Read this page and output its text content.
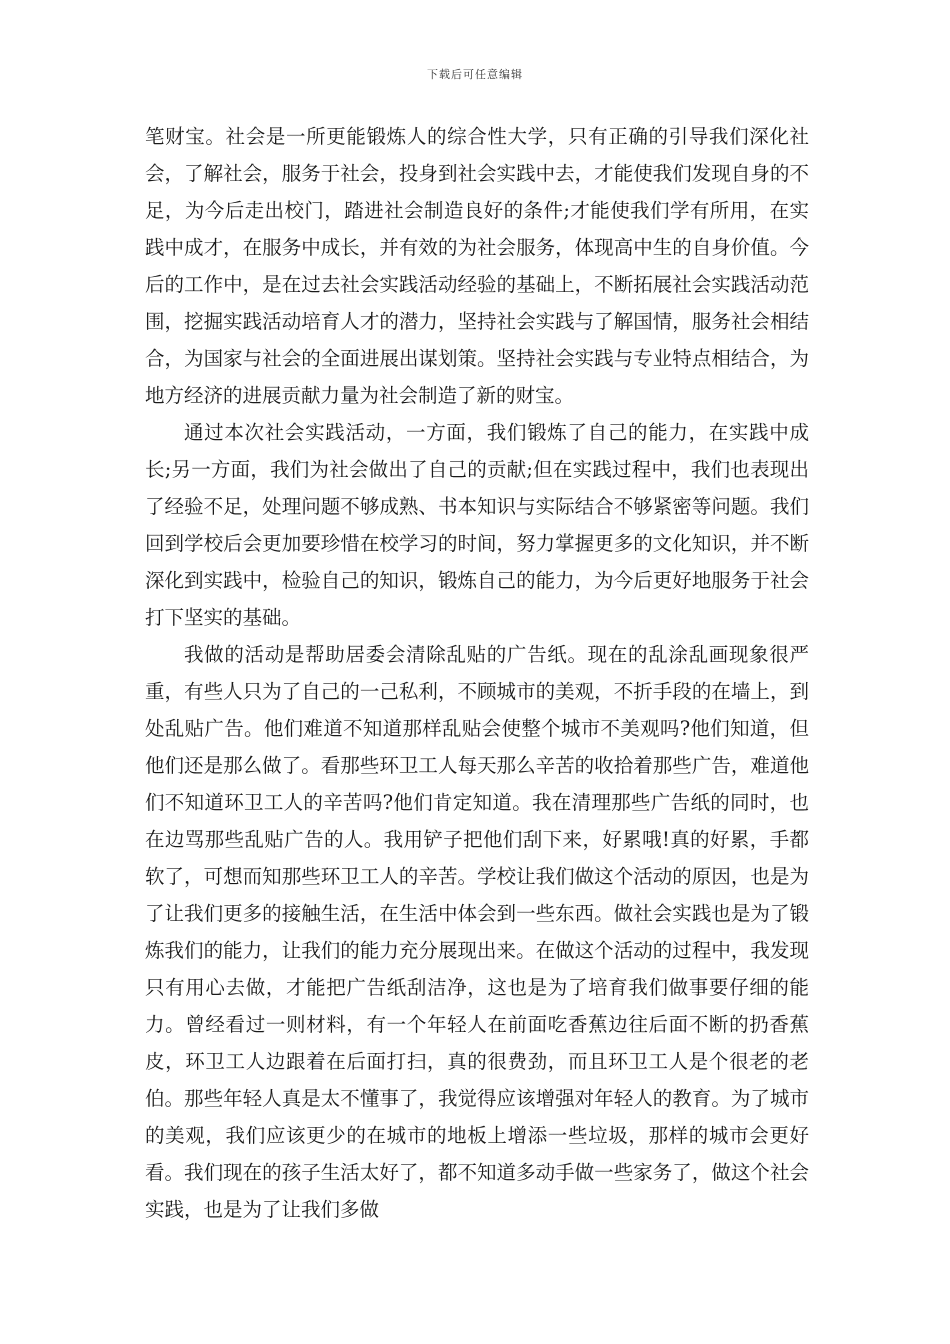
下载后可任意编辑

笔财宝。社会是一所更能锻炼人的综合性大学，只有正确的引导我们深化社会，了解社会，服务于社会，投身到社会实践中去，才能使我们发现自身的不足，为今后走出校门，踏进社会制造良好的条件;才能使我们学有所用，在实践中成才，在服务中成长，并有效的为社会服务，体现高中生的自身价值。今后的工作中，是在过去社会实践活动经验的基础上，不断拓展社会实践活动范围，挖掘实践活动培育人才的潜力，坚持社会实践与了解国情，服务社会相结合，为国家与社会的全面进展出谋划策。坚持社会实践与专业特点相结合，为地方经济的进展贡献力量为社会制造了新的财宝。

通过本次社会实践活动，一方面，我们锻炼了自己的能力，在实践中成长;另一方面，我们为社会做出了自己的贡献;但在实践过程中，我们也表现出了经验不足，处理问题不够成熟、书本知识与实际结合不够紧密等问题。我们回到学校后会更加要珍惜在校学习的时间，努力掌握更多的文化知识，并不断深化到实践中，检验自己的知识，锻炼自己的能力，为今后更好地服务于社会打下坚实的基础。

我做的活动是帮助居委会清除乱贴的广告纸。现在的乱涂乱画现象很严重，有些人只为了自己的一己私利，不顾城市的美观，不折手段的在墙上，到处乱贴广告。他们难道不知道那样乱贴会使整个城市不美观吗?他们知道，但他们还是那么做了。看那些环卫工人每天那么辛苦的收拾着那些广告，难道他们不知道环卫工人的辛苦吗?他们肯定知道。我在清理那些广告纸的同时，也在边骂那些乱贴广告的人。我用铲子把他们刮下来，好累哦!真的好累，手都软了，可想而知那些环卫工人的辛苦。学校让我们做这个活动的原因，也是为了让我们更多的接触生活，在生活中体会到一些东西。做社会实践也是为了锻炼我们的能力，让我们的能力充分展现出来。在做这个活动的过程中，我发现只有用心去做，才能把广告纸刮洁净，这也是为了培育我们做事要仔细的能力。曾经看过一则材料，有一个年轻人在前面吃香蕉边往后面不断的扔香蕉皮，环卫工人边跟着在后面打扫，真的很费劲，而且环卫工人是个很老的老伯。那些年轻人真是太不懂事了，我觉得应该增强对年轻人的教育。为了城市的美观，我们应该更少的在城市的地板上增添一些垃圾，那样的城市会更好看。我们现在的孩子生活太好了，都不知道多动手做一些家务了，做这个社会实践，也是为了让我们多做
